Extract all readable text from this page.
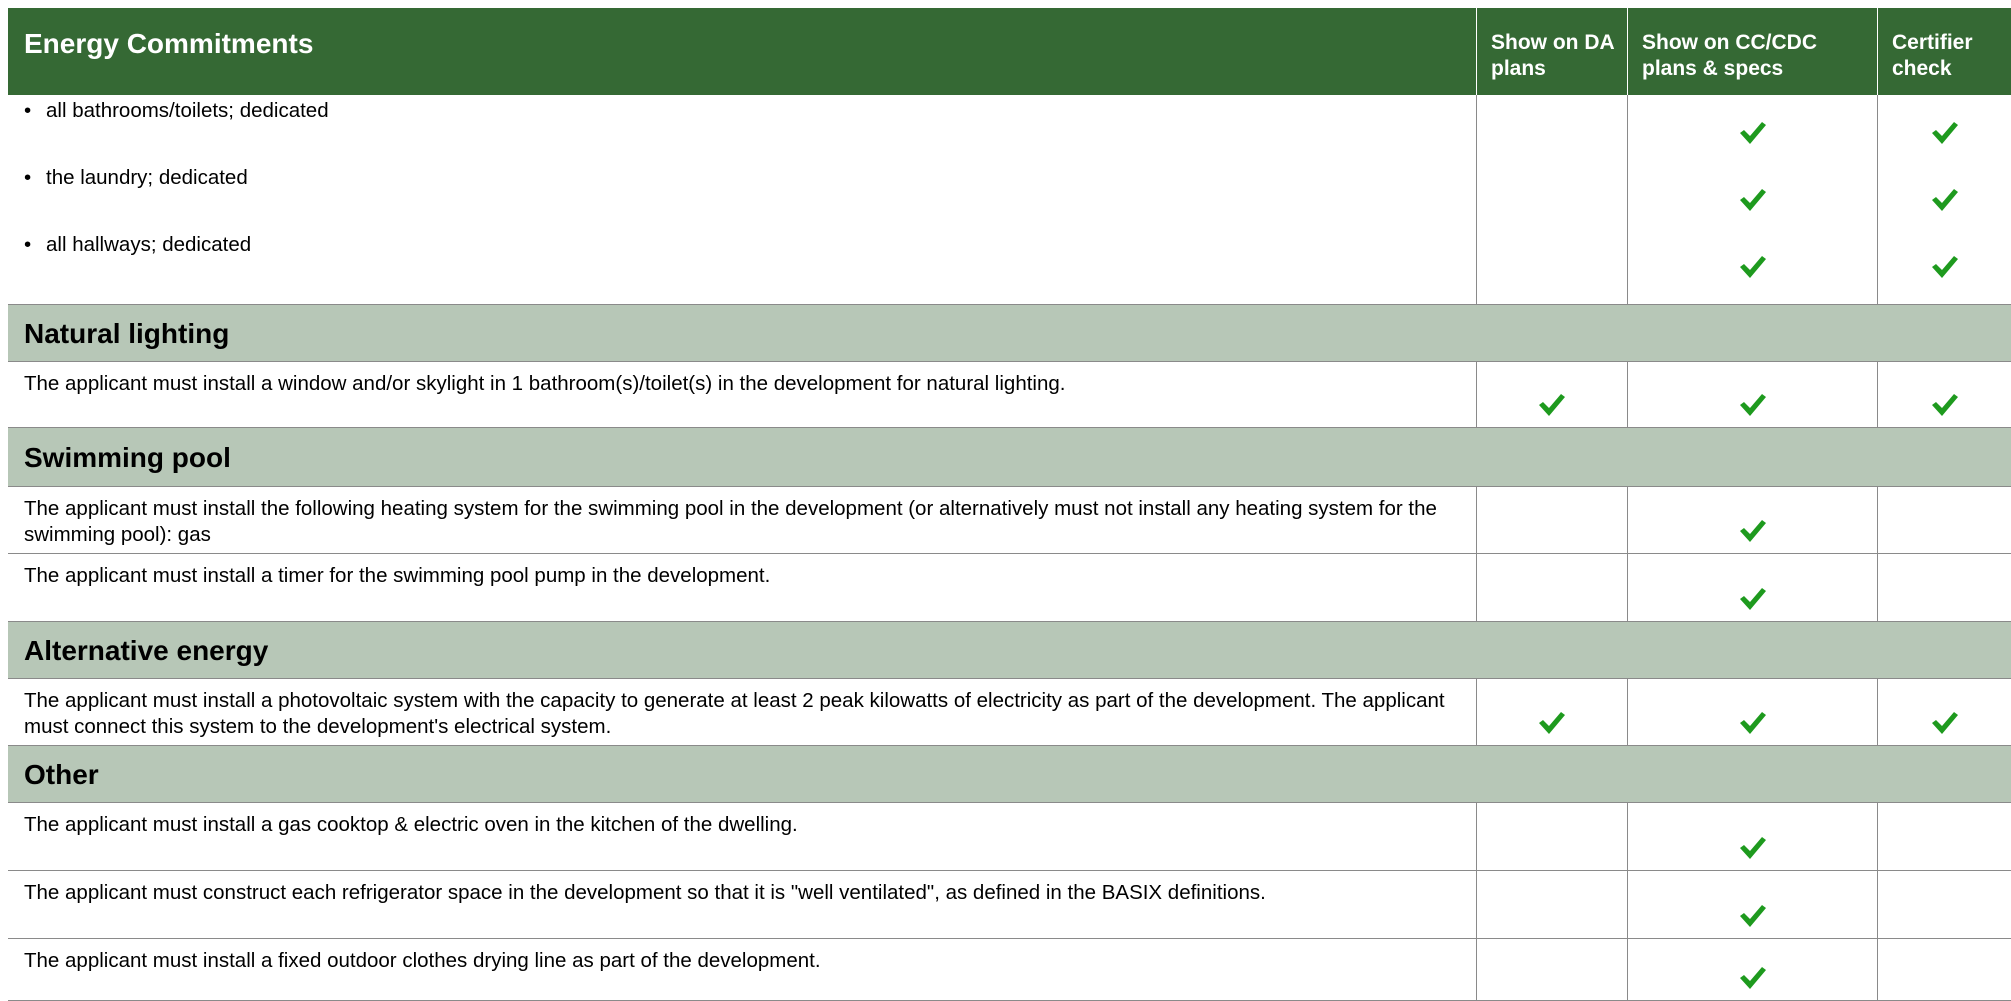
Energy Commitments	Show on DA plans
Show on CC/CDC plans & specs
Certifier check
• all bathrooms/toilets; dedicated
• the laundry; dedicated
• all hallways; dedicated
Natural lighting
The applicant must install a window and/or skylight in 1 bathroom(s)/toilet(s) in the development for natural lighting.
Swimming pool
The applicant must install the following heating system for the swimming pool in the development (or alternatively must not install any heating system for the swimming pool): gas
The applicant must install a timer for the swimming pool pump in the development.
Alternative energy
The applicant must install a photovoltaic system with the capacity to generate at least 2 peak kilowatts of electricity as part of the development. The applicant must connect this system to the development's electrical system.
Other
The applicant must install a gas cooktop & electric oven in the kitchen of the dwelling.
The applicant must construct each refrigerator space in the development so that it is "well ventilated", as defined in the BASIX definitions.
The applicant must install a fixed outdoor clothes drying line as part of the development.
